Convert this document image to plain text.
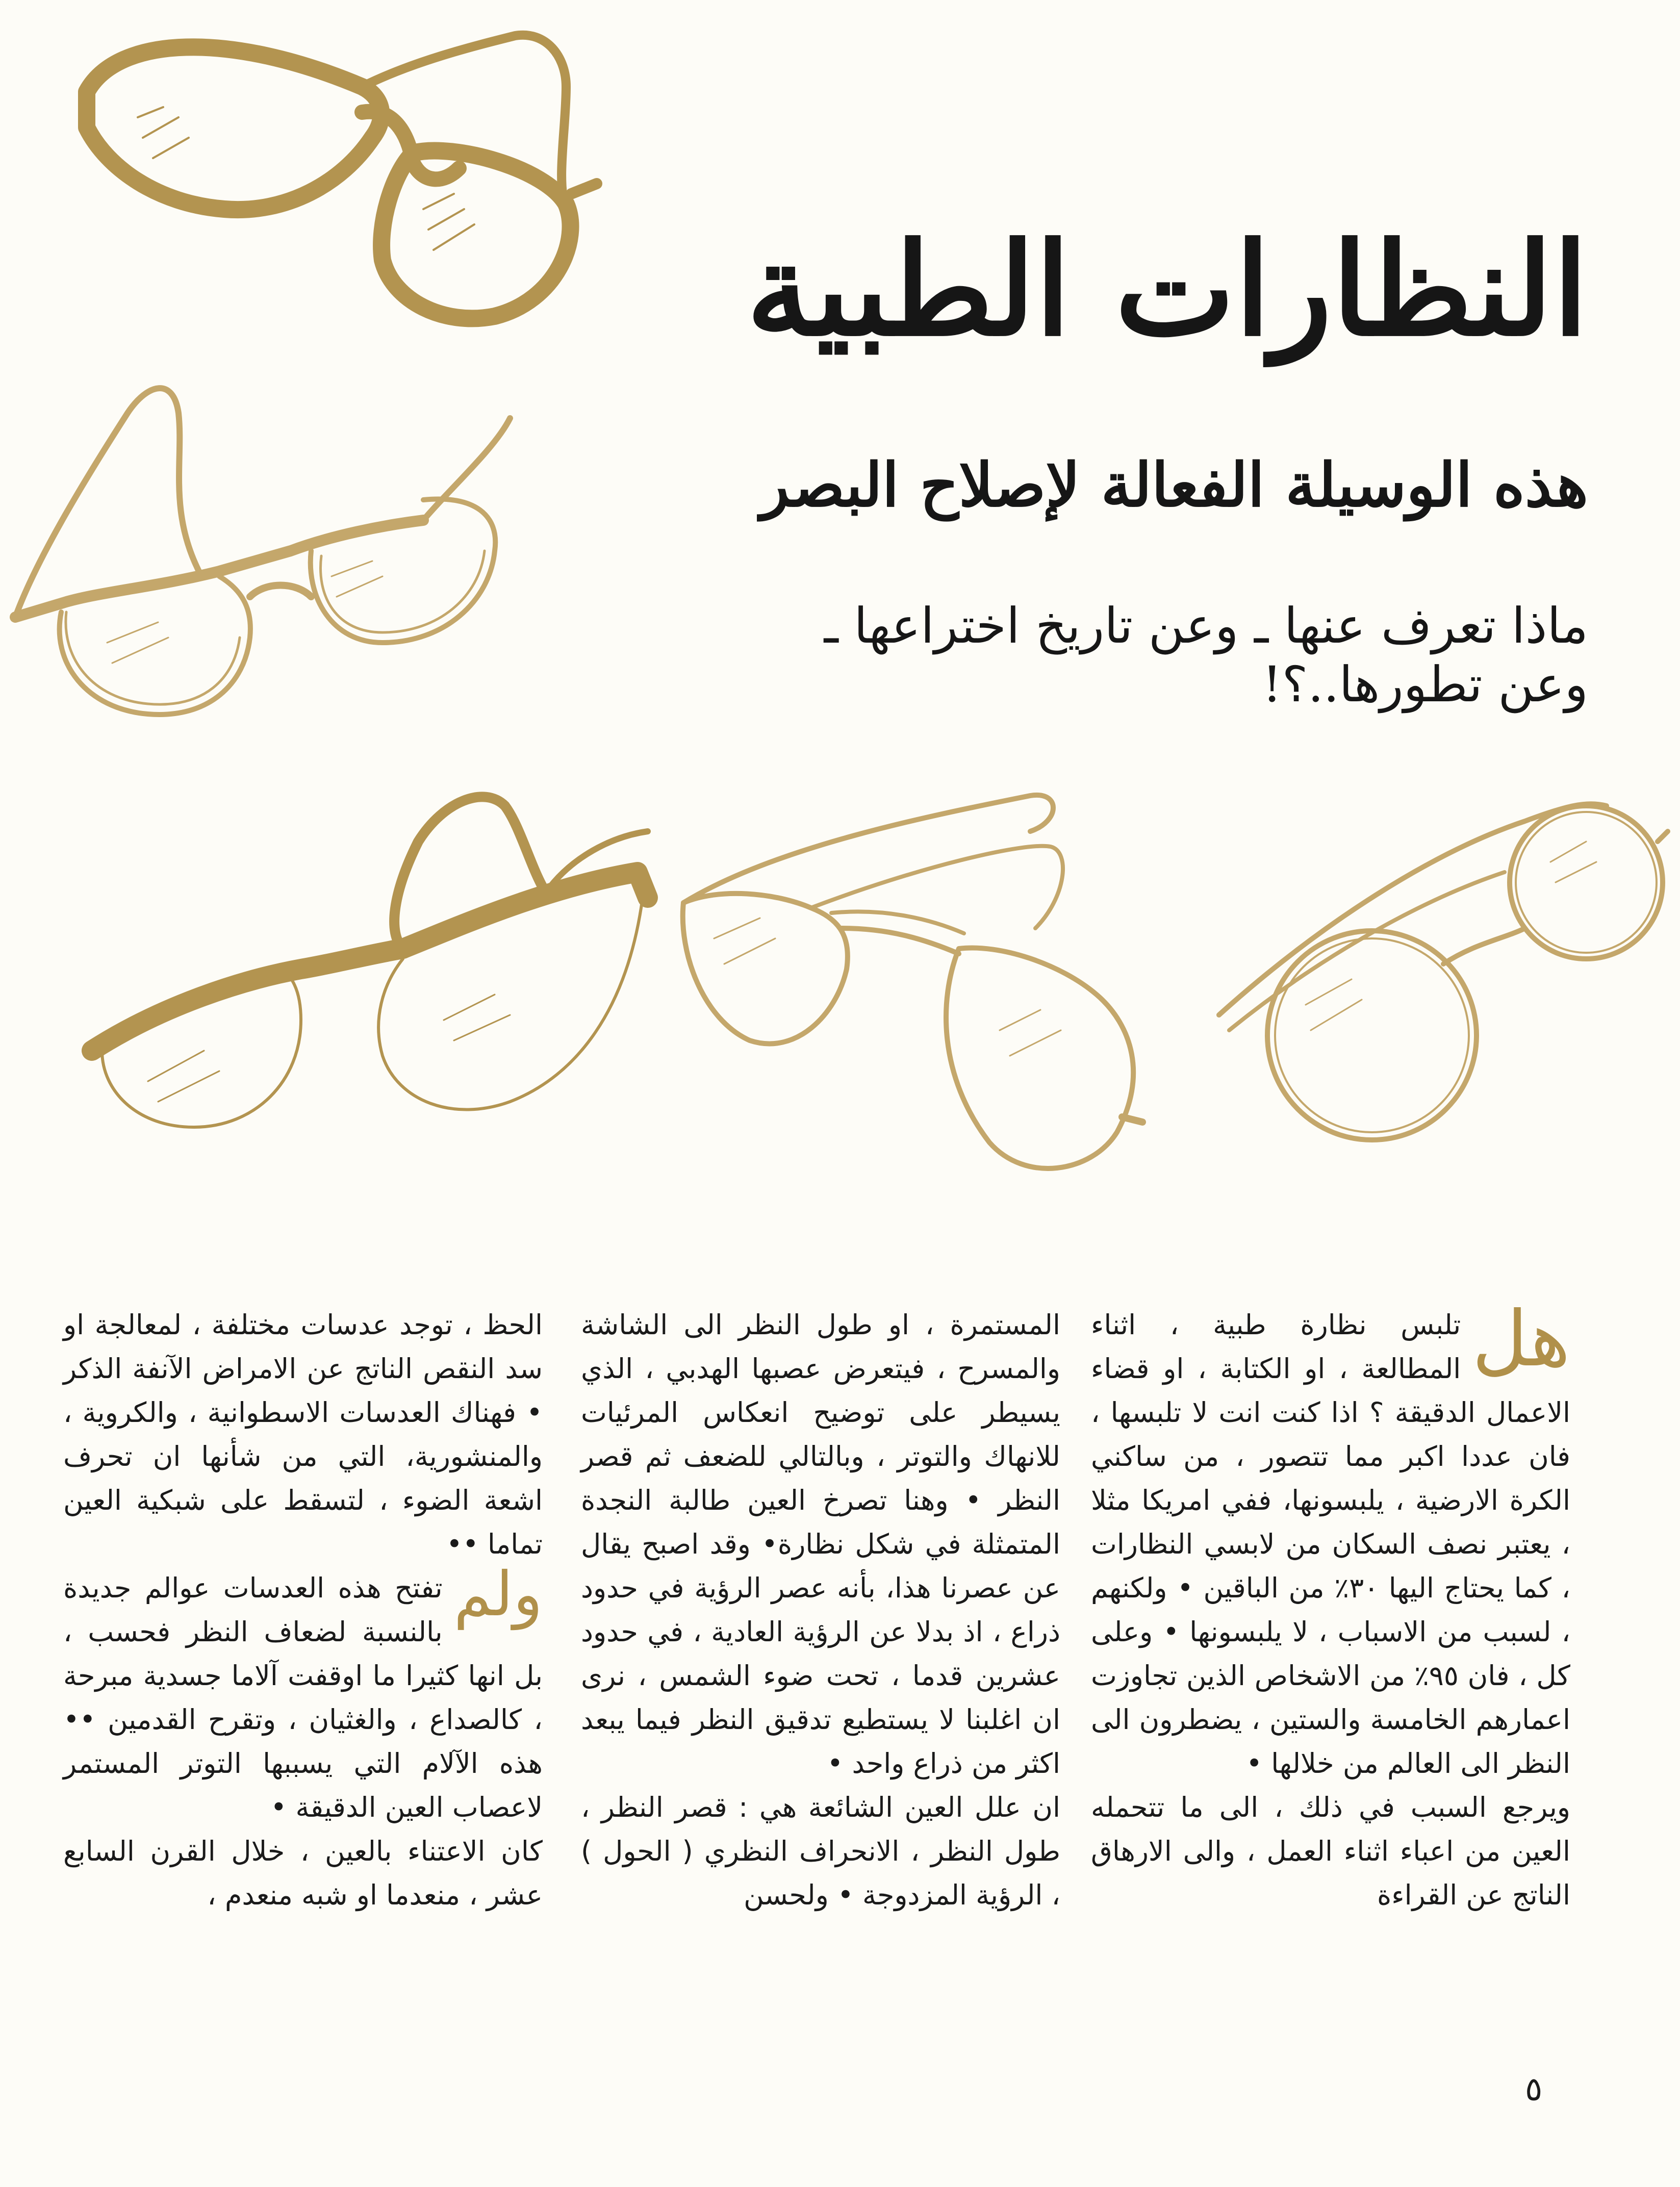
النظارات الطبية
هذه الوسيلة الفعالة لإصلاح البصر
ماذا تعرف عنها ـ وعن تاريخ اختراعها ـ وعن تطورها..؟!
هل

تلبس نظارة طبية ، اثناء المطالعة ، او الكتابة ، او قضاء الاعمال الدقيقة ؟ اذا كنت انت لا تلبسها ، فان عددا اكبر مما تتصور ، من ساكني الكرة الارضية ، يلبسونها، ففي امريكا مثلا ، يعتبر نصف السكان من لابسي النظارات ، كما يحتاج اليها ٣٠٪ من الباقين • ولكنهم ، لسبب من الاسباب ، لا يلبسونها • وعلى كل ، فان ٩٥٪ من الاشخاص الذين تجاوزت اعمارهم الخامسة والستين ، يضطرون الى النظر الى العالم من خلالها •

ويرجع السبب في ذلك ، الى ما تتحمله العين من اعباء اثناء العمل ، والى الارهاق الناتج عن القراءة

المستمرة ، او طول النظر الى الشاشة والمسرح ، فيتعرض عصبها الهدبي ، الذي يسيطر على توضيح انعكاس المرئيات للانهاك والتوتر ، وبالتالي للضعف ثم قصر النظر • وهنا تصرخ العين طالبة النجدة المتمثلة في شكل نظارة• وقد اصبح يقال عن عصرنا هذا، بأنه عصر الرؤية في حدود ذراع ، اذ بدلا عن الرؤية العادية ، في حدود عشرين قدما ، تحت ضوء الشمس ، نرى ان اغلبنا لا يستطيع تدقيق النظر فيما يبعد اكثر من ذراع واحد •

ان علل العين الشائعة هي : قصر النظر ، طول النظر ، الانحراف النظري ( الحول ) ، الرؤية المزدوجة • ولحسن

الحظ ، توجد عدسات مختلفة ، لمعالجة او سد النقص الناتج عن الامراض الآنفة الذكر • فهناك العدسات الاسطوانية ، والكروية ، والمنشورية، التي من شأنها ان تحرف اشعة الضوء ، لتسقط على شبكية العين تماما ••

ولم

تفتح هذه العدسات عوالم جديدة بالنسبة لضعاف النظر فحسب ، بل انها كثيرا ما اوقفت آلاما جسدية مبرحة ، كالصداع ، والغثيان ، وتقرح القدمين •• هذه الآلام التي يسببها التوتر المستمر لاعصاب العين الدقيقة •

كان الاعتناء بالعين ، خلال القرن السابع عشر ، منعدما او شبه منعدم ،

٥
